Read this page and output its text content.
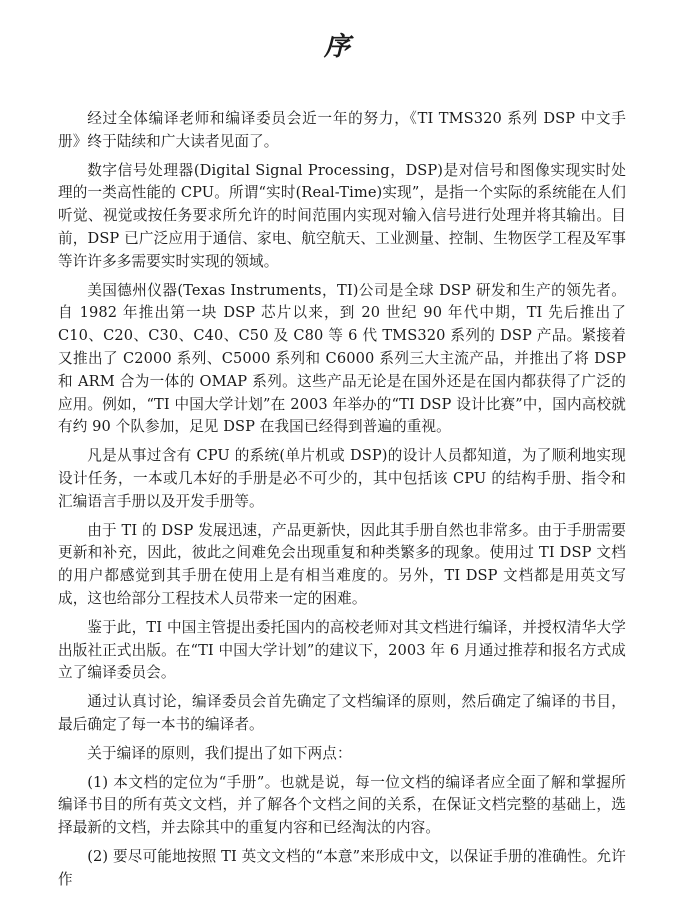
序

经过全体编译老师和编译委员会近一年的努力，《TI TMS320 系列 DSP 中文手册》终于陆续和广大读者见面了。

数字信号处理器(Digital Signal Processing，DSP)是对信号和图像实现实时处理的一类高性能的 CPU。所谓“实时(Real-Time)实现”，是指一个实际的系统能在人们听觉、视觉或按任务要求所允许的时间范围内实现对输入信号进行处理并将其输出。目前，DSP 已广泛应用于通信、家电、航空航天、工业测量、控制、生物医学工程及军事等许许多多需要实时实现的领域。

美国德州仪器(Texas Instruments，TI)公司是全球 DSP 研发和生产的领先者。自 1982 年推出第一块 DSP 芯片以来，到 20 世纪 90 年代中期，TI 先后推出了 C10、C20、C30、C40、C50 及 C80 等 6 代 TMS320 系列的 DSP 产品。紧接着又推出了 C2000 系列、C5000 系列和 C6000 系列三大主流产品，并推出了将 DSP 和 ARM 合为一体的 OMAP 系列。这些产品无论是在国外还是在国内都获得了广泛的应用。例如，“TI 中国大学计划”在 2003 年举办的“TI DSP 设计比赛”中，国内高校就有约 90 个队参加，足见 DSP 在我国已经得到普遍的重视。

凡是从事过含有 CPU 的系统(单片机或 DSP)的设计人员都知道，为了顺利地实现设计任务，一本或几本好的手册是必不可少的，其中包括该 CPU 的结构手册、指令和汇编语言手册以及开发手册等。

由于 TI 的 DSP 发展迅速，产品更新快，因此其手册自然也非常多。由于手册需要更新和补充，因此，彼此之间难免会出现重复和种类繁多的现象。使用过 TI DSP 文档的用户都感觉到其手册在使用上是有相当难度的。另外，TI DSP 文档都是用英文写成，这也给部分工程技术人员带来一定的困难。

鉴于此，TI 中国主管提出委托国内的高校老师对其文档进行编译，并授权清华大学出版社正式出版。在“TI 中国大学计划”的建议下，2003 年 6 月通过推荐和报名方式成立了编译委员会。

通过认真讨论，编译委员会首先确定了文档编译的原则，然后确定了编译的书目，最后确定了每一本书的编译者。

关于编译的原则，我们提出了如下两点：

(1) 本文档的定位为“手册”。也就是说，每一位文档的编译者应全面了解和掌握所编译书目的所有英文文档，并了解各个文档之间的关系，在保证文档完整的基础上，选择最新的文档，并去除其中的重复内容和已经淘汰的内容。

(2) 要尽可能地按照 TI 英文文档的“本意”来形成中文，以保证手册的准确性。允许作
